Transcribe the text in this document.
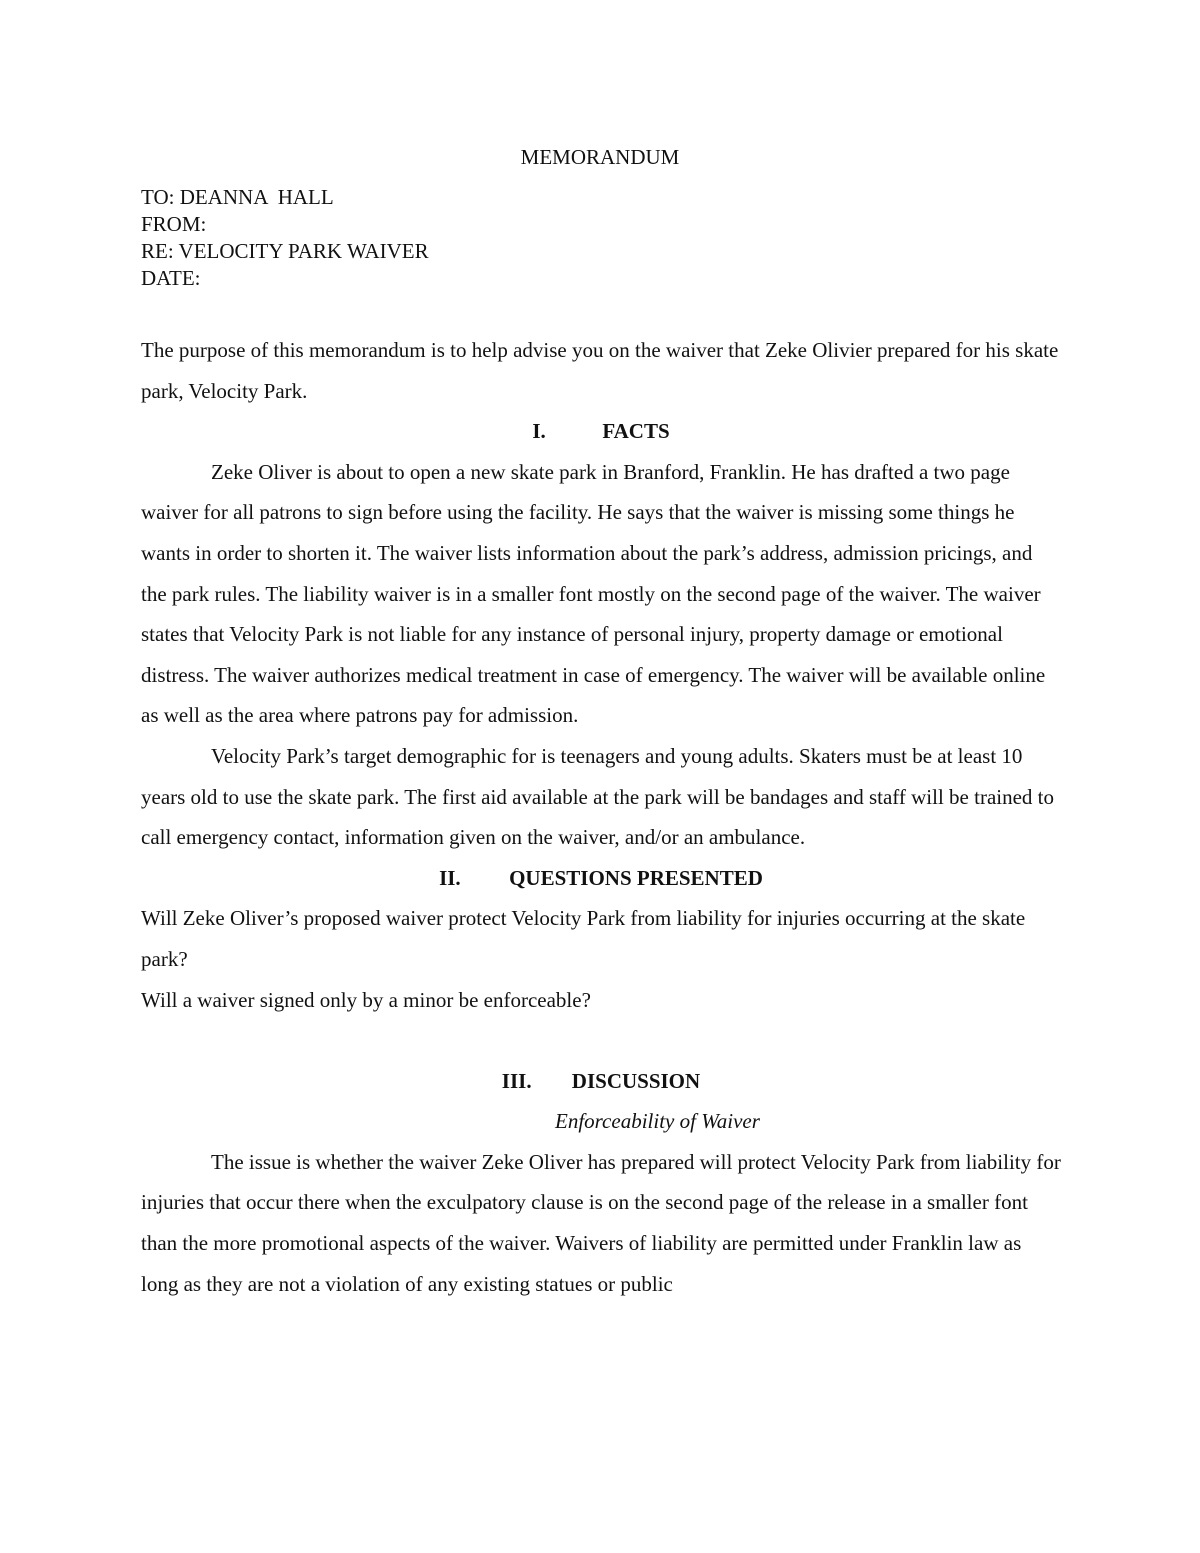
MEMORANDUM
TO: DEANNA  HALL
FROM:
RE: VELOCITY PARK WAIVER
DATE:

The purpose of this memorandum is to help advise you on the waiver that Zeke Olivier prepared for his skate park, Velocity Park.

I.	FACTS

Zeke Oliver is about to open a new skate park in Branford, Franklin. He has drafted a two page waiver for all patrons to sign before using the facility. He says that the waiver is missing some things he wants in order to shorten it. The waiver lists information about the park’s address, admission pricings, and the park rules. The liability waiver is in a smaller font mostly on the second page of the waiver. The waiver states that Velocity Park is not liable for any instance of personal injury, property damage or emotional distress. The waiver authorizes medical treatment in case of emergency. The waiver will be available online as well as the area where patrons pay for admission.

Velocity Park’s target demographic for is teenagers and young adults. Skaters must be at least 10 years old to use the skate park. The first aid available at the park will be bandages and staff will be trained to call emergency contact, information given on the waiver, and/or an ambulance.

II. QUESTIONS PRESENTED

Will Zeke Oliver’s proposed waiver protect Velocity Park from liability for injuries occurring at the skate park?

Will a waiver signed only by a minor be enforceable?

III. DISCUSSION

Enforceability of Waiver

The issue is whether the waiver Zeke Oliver has prepared will protect Velocity Park from liability for injuries that occur there when the exculpatory clause is on the second page of the release in a smaller font than the more promotional aspects of the waiver. Waivers of liability are permitted under Franklin law as long as they are not a violation of any existing statues or public
